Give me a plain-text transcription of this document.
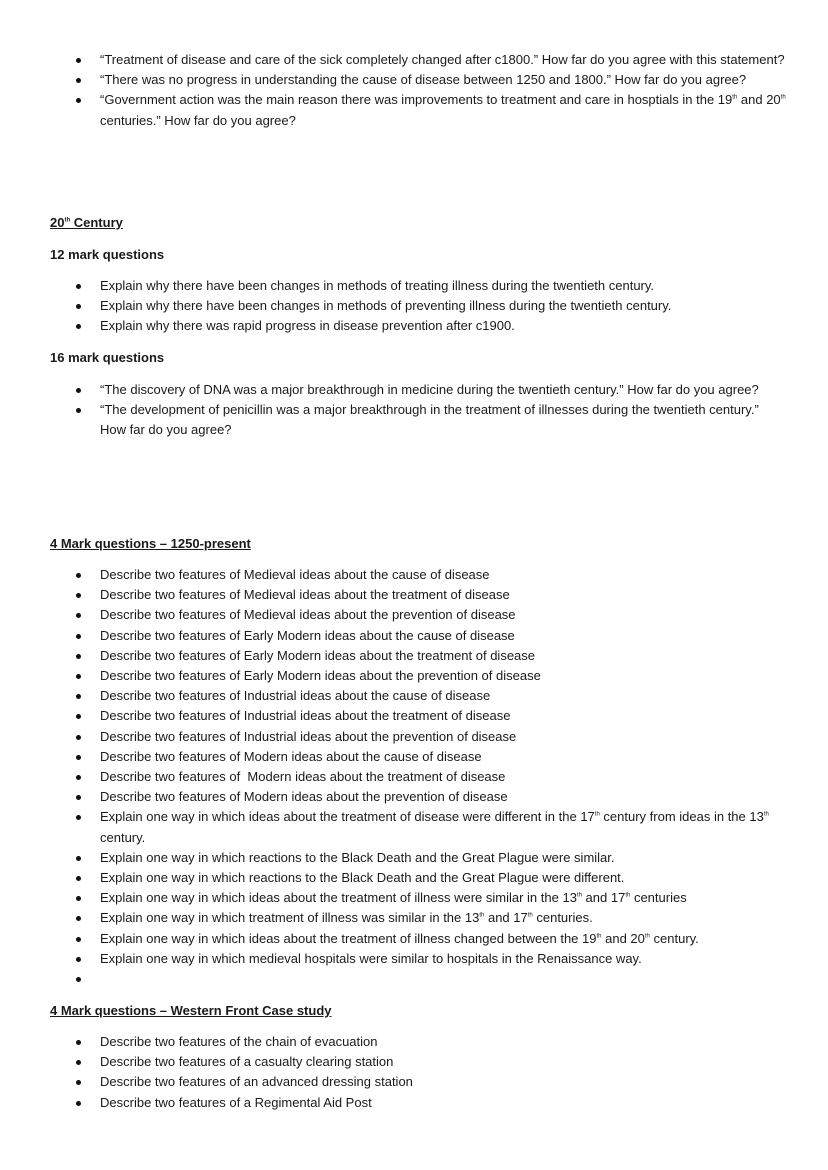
“Treatment of disease and care of the sick completely changed after c1800.” How far do you agree with this statement?
“There was no progress in understanding the cause of disease between 1250 and 1800.” How far do you agree?
“Government action was the main reason there was improvements to treatment and care in hosptials in the 19th and 20th centuries.” How far do you agree?

20th Century

12 mark questions

Explain why there have been changes in methods of treating illness during the twentieth century.
Explain why there have been changes in methods of preventing illness during the twentieth century.
Explain why there was rapid progress in disease prevention after c1900.

16 mark questions

“The discovery of DNA was a major breakthrough in medicine during the twentieth century.” How far do you agree?
“The development of penicillin was a major breakthrough in the treatment of illnesses during the twentieth century.” How far do you agree?

4 Mark questions – 1250-present

Describe two features of Medieval ideas about the cause of disease
Describe two features of Medieval ideas about the treatment of disease
Describe two features of Medieval ideas about the prevention of disease
Describe two features of Early Modern ideas about the cause of disease
Describe two features of Early Modern ideas about the treatment of disease
Describe two features of Early Modern ideas about the prevention of disease
Describe two features of Industrial ideas about the cause of disease
Describe two features of Industrial ideas about the treatment of disease
Describe two features of Industrial ideas about the prevention of disease
Describe two features of Modern ideas about the cause of disease
Describe two features of  Modern ideas about the treatment of disease
Describe two features of Modern ideas about the prevention of disease
Explain one way in which ideas about the treatment of disease were different in the 17th century from ideas in the 13th century.
Explain one way in which reactions to the Black Death and the Great Plague were similar.
Explain one way in which reactions to the Black Death and the Great Plague were different.
Explain one way in which ideas about the treatment of illness were similar in the 13th and 17th centuries
Explain one way in which treatment of illness was similar in the 13th and 17th centuries.
Explain one way in which ideas about the treatment of illness changed between the 19th and 20th century.
Explain one way in which medieval hospitals were similar to hospitals in the Renaissance way.

4 Mark questions – Western Front Case study

Describe two features of the chain of evacuation
Describe two features of a casualty clearing station
Describe two features of an advanced dressing station
Describe two features of a Regimental Aid Post
